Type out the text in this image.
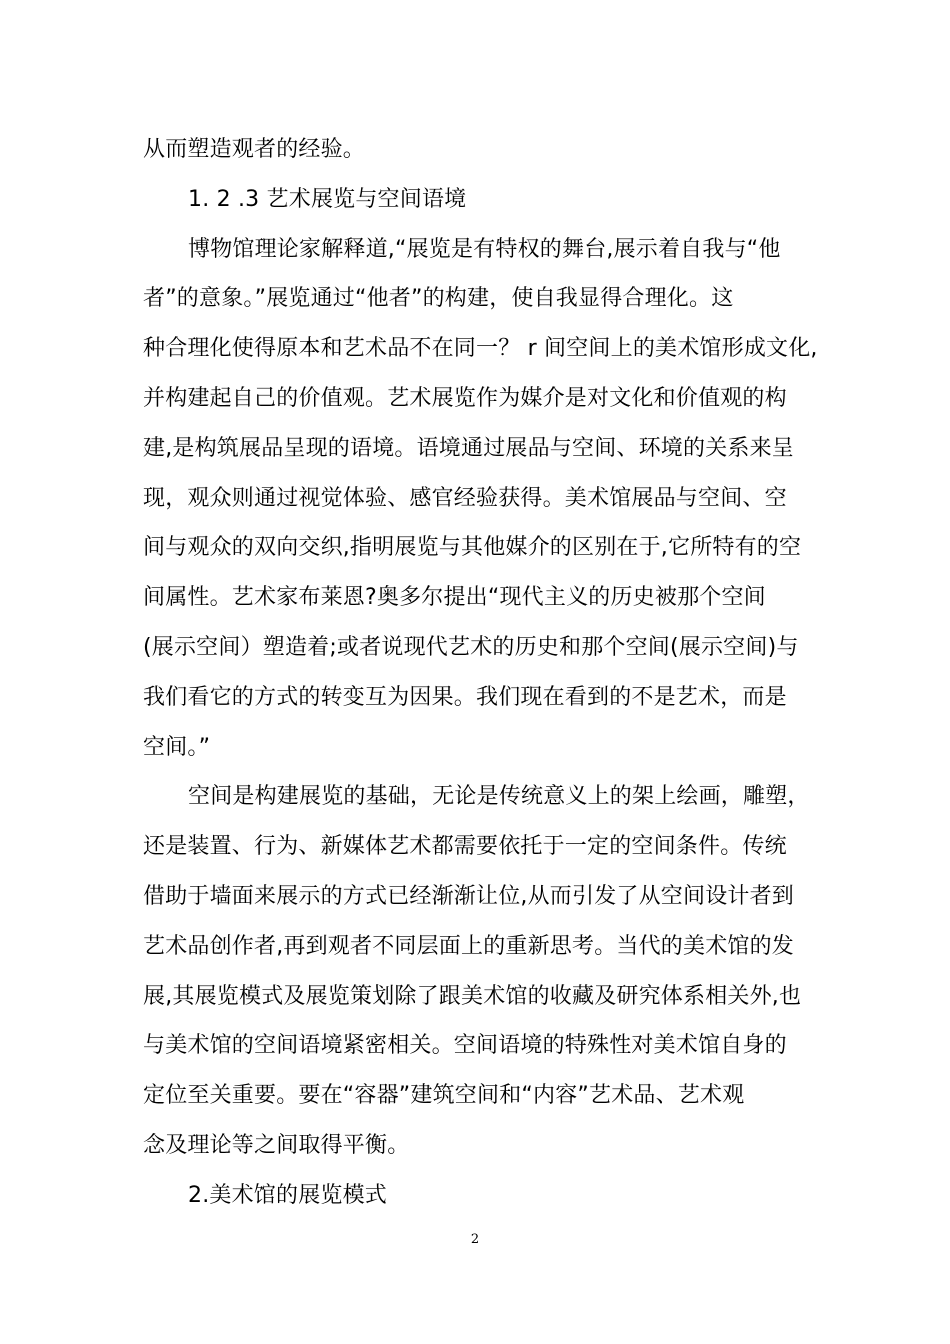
从而塑造观者的经验。
1. 2 .3 艺术展览与空间语境
博物馆理论家解释道,“展览是有特权的舞台,展示着自我与“他
者”的意象。”展览通过“他者”的构建，使自我显得合理化。这
种合理化使得原本和艺术品不在同一？ r 间空间上的美术馆形成文化,
并构建起自己的价值观。艺术展览作为媒介是对文化和价值观的构
建,是构筑展品呈现的语境。语境通过展品与空间、环境的关系来呈
现，观众则通过视觉体验、感官经验获得。美术馆展品与空间、空
间与观众的双向交织,指明展览与其他媒介的区别在于,它所特有的空
间属性。艺术家布莱恩?奥多尔提出“现代主义的历史被那个空间
(展示空间）塑造着;或者说现代艺术的历史和那个空间(展示空间)与
我们看它的方式的转变互为因果。我们现在看到的不是艺术，而是
空间。”
空间是构建展览的基础，无论是传统意义上的架上绘画，雕塑，
还是装置、行为、新媒体艺术都需要依托于一定的空间条件。传统
借助于墙面来展示的方式已经渐渐让位,从而引发了从空间设计者到
艺术品创作者,再到观者不同层面上的重新思考。当代的美术馆的发
展,其展览模式及展览策划除了跟美术馆的收藏及研究体系相关外,也
与美术馆的空间语境紧密相关。空间语境的特殊性对美术馆自身的
定位至关重要。要在“容器”建筑空间和“内容”艺术品、艺术观
念及理论等之间取得平衡。
2.美术馆的展览模式
2
